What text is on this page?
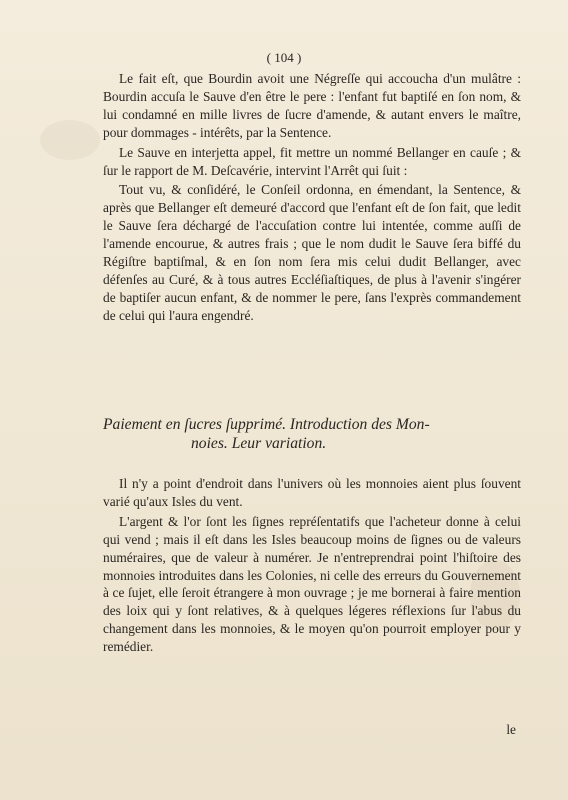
( 104 )

Le fait eſt, que Bourdin avoit une Négreſſe qui accoucha d'un mulâtre : Bourdin accuſa le Sauve d'en être le pere : l'enfant fut baptiſé en ſon nom, & lui condamné en mille livres de ſucre d'amende, & autant envers le maître, pour dommages - intérêts, par la Sentence.

Le Sauve en interjetta appel, fit mettre un nommé Bellanger en cauſe ; & ſur le rapport de M. Deſcavérie, intervint l'Arrêt qui ſuit :

Tout vu, & conſidéré, le Conſeil ordonna, en émendant, la Sentence, & après que Bellanger eſt demeuré d'accord que l'enfant eſt de ſon fait, que ledit le Sauve ſera déchargé de l'accuſation contre lui intentée, comme auſſi de l'amende encourue, & autres frais ; que le nom dudit le Sauve ſera biffé du Régiſtre baptiſmal, & en ſon nom ſera mis celui dudit Bellanger, avec défenſes au Curé, & à tous autres Eccléſiaſtiques, de plus à l'avenir s'ingérer de baptiſer aucun enfant, & de nommer le pere, ſans l'exprès commandement de celui qui l'aura engendré.

Paiement en ſucres ſupprimé. Introduction des Mon-
noies. Leur variation.

Il n'y a point d'endroit dans l'univers où les monnoies aient plus ſouvent varié qu'aux Isles du vent.

L'argent & l'or ſont les ſignes repréſentatifs que l'acheteur donne à celui qui vend ; mais il eſt dans les Isles beaucoup moins de ſignes ou de valeurs numéraires, que de valeur à numérer. Je n'entreprendrai point l'hiſtoire des monnoies introduites dans les Colonies, ni celle des erreurs du Gouvernement à ce ſujet, elle ſeroit étrangere à mon ouvrage ; je me bornerai à faire mention des loix qui y ſont relatives, & à quelques légeres réflexions ſur l'abus du changement dans les monnoies, & le moyen qu'on pourroit employer pour y remédier.

le
